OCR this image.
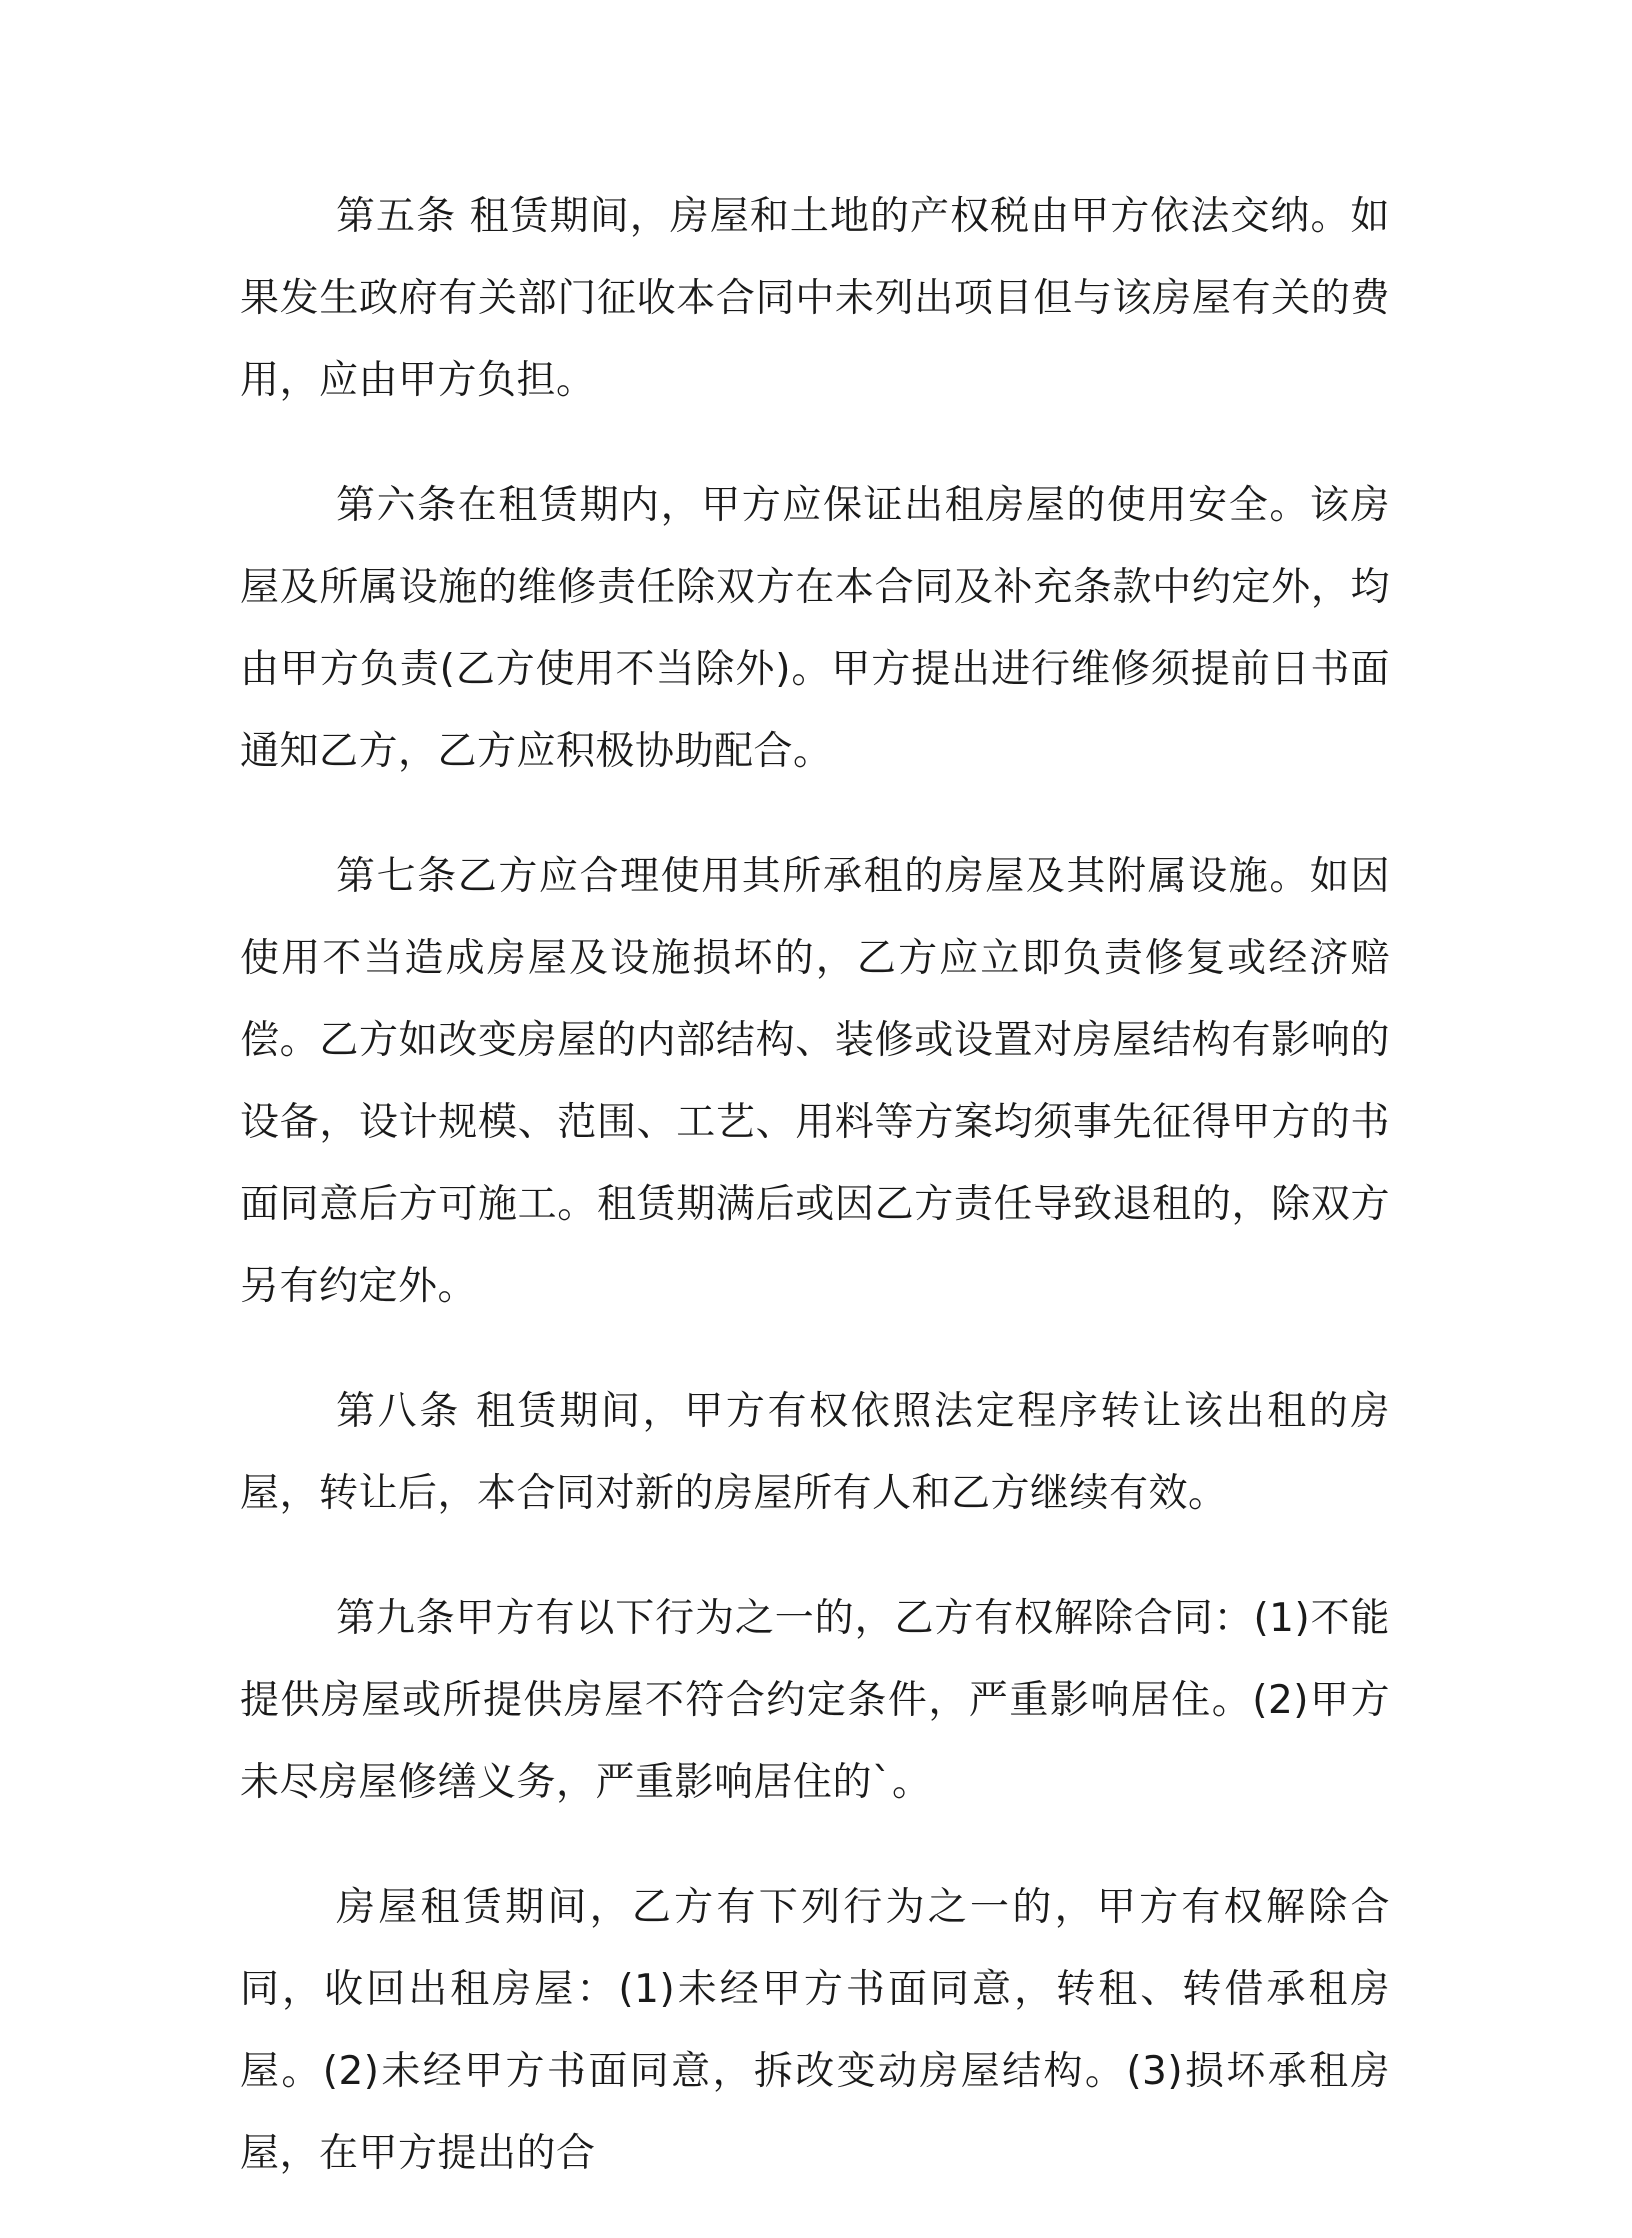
第五条 租赁期间，房屋和土地的产权税由甲方依法交纳。如果发生政府有关部门征收本合同中未列出项目但与该房屋有关的费用，应由甲方负担。

第六条在租赁期内，甲方应保证出租房屋的使用安全。该房屋及所属设施的维修责任除双方在本合同及补充条款中约定外，均由甲方负责(乙方使用不当除外)。甲方提出进行维修须提前日书面通知乙方，乙方应积极协助配合。

第七条乙方应合理使用其所承租的房屋及其附属设施。如因使用不当造成房屋及设施损坏的，乙方应立即负责修复或经济赔偿。乙方如改变房屋的内部结构、装修或设置对房屋结构有影响的设备，设计规模、范围、工艺、用料等方案均须事先征得甲方的书面同意后方可施工。租赁期满后或因乙方责任导致退租的，除双方另有约定外。

第八条 租赁期间，甲方有权依照法定程序转让该出租的房屋，转让后，本合同对新的房屋所有人和乙方继续有效。

第九条甲方有以下行为之一的，乙方有权解除合同：(1)不能提供房屋或所提供房屋不符合约定条件，严重影响居住。(2)甲方未尽房屋修缮义务，严重影响居住的`。

房屋租赁期间，乙方有下列行为之一的，甲方有权解除合同，收回出租房屋：(1)未经甲方书面同意，转租、转借承租房屋。(2)未经甲方书面同意，拆改变动房屋结构。(3)损坏承租房屋，在甲方提出的合
